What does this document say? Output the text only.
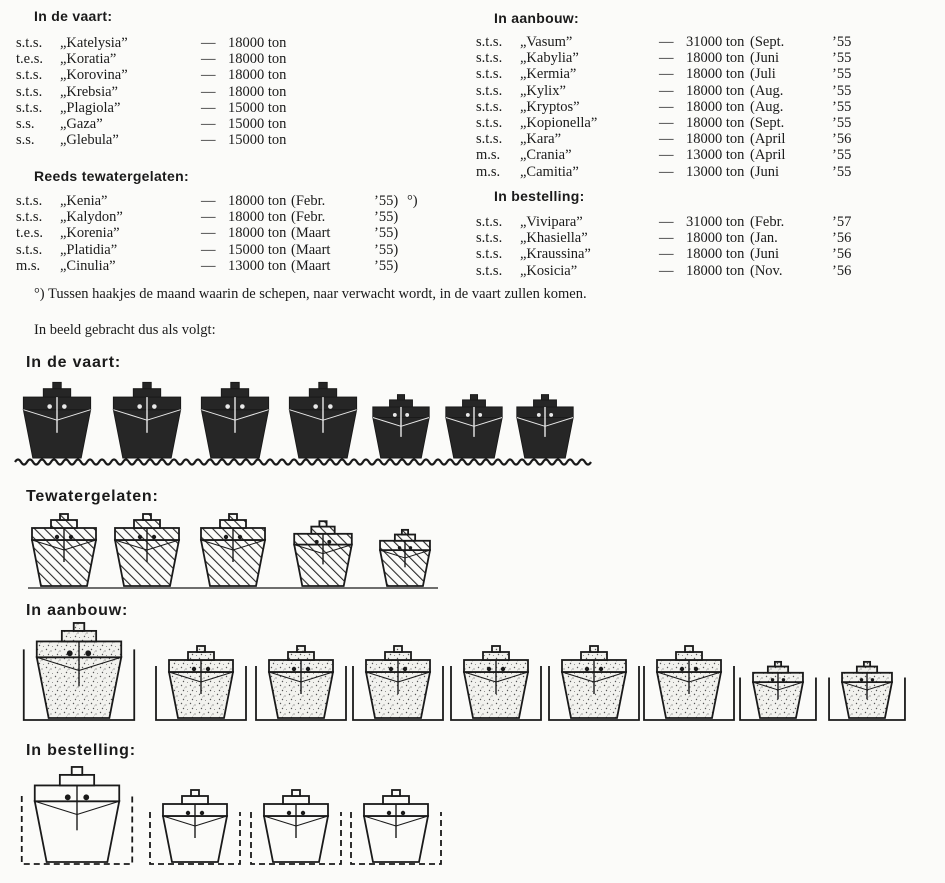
In de vaart:
s.t.s. „Katelysia”	— 18000 ton
t.e.s. „Koratia”	— 18000 ton
s.t.s. „Korovina”	— 18000 ton
s.t.s. „Krebsia”	— 18000 ton
s.t.s. „Plagiola”	— 15000 ton
s.s. „Gaza”	— 15000 ton
s.s. „Glebula”	— 15000 ton
Reeds tewatergelaten:
s.t.s. „Kenia”	— 18000 ton (Febr.	’55) °)
s.t.s. „Kalydon”	— 18000 ton (Febr.	’55)
t.e.s. „Korenia”	— 18000 ton (Maart	’55)
s.t.s. „Platidia”	— 15000 ton (Maart	’55)
m.s. „Cinulia”	— 13000 ton (Maart	’55)
In aanbouw:
s.t.s. „Vasum”	— 31000 ton (Sept.	’55
s.t.s. „Kabylia”	— 18000 ton (Juni	’55
s.t.s. „Kermia”	— 18000 ton (Juli	’55
s.t.s. „Kylix”	— 18000 ton (Aug.	’55
s.t.s. „Kryptos”	— 18000 ton (Aug.	’55
s.t.s. „Kopionella”	— 18000 ton (Sept.	’55
s.t.s. „Kara”	— 18000 ton (April	’56
m.s. „Crania”	— 13000 ton (April	’55
m.s. „Camitia”	— 13000 ton (Juni	’55
In bestelling:
s.t.s. „Vivipara”	— 31000 ton (Febr.	’57
s.t.s. „Khasiella”	— 18000 ton (Jan.	’56
s.t.s. „Kraussina”	— 18000 ton (Juni	’56
s.t.s. „Kosicia”	— 18000 ton (Nov.	’56
°) Tussen haakjes de maand waarin de schepen, naar verwacht wordt, in de vaart zullen komen.
In beeld gebracht dus als volgt:
In de vaart:
Tewatergelaten:
In aanbouw:
In bestelling:
